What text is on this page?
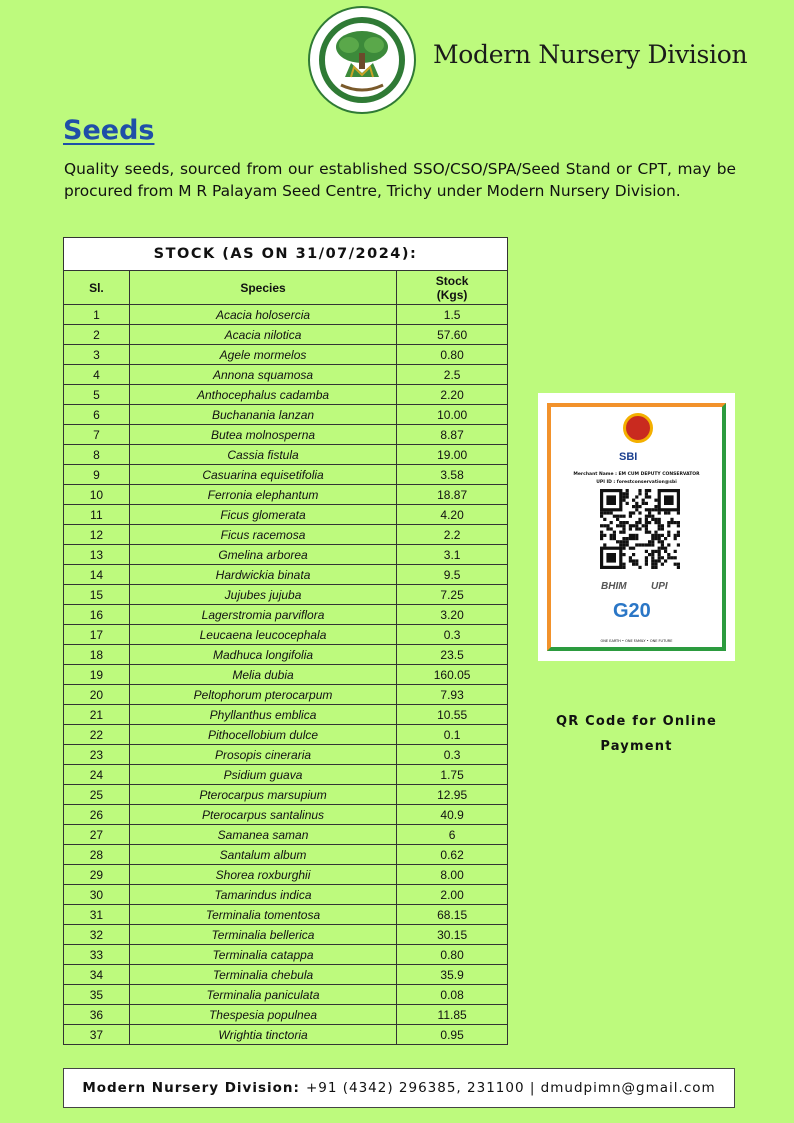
Modern Nursery Division
Seeds

Quality seeds, sourced from our established SSO/CSO/SPA/Seed Stand or CPT, may be procured from M R Palayam Seed Centre, Trichy under Modern Nursery Division.

STOCK (AS ON 31/07/2024):		
Sl.	Species	Stock
(Kgs)
1	Acacia holosercia	1.5
2	Acacia nilotica	57.60
3	Agele mormelos	0.80
4	Annona squamosa	2.5
5	Anthocephalus cadamba	2.20
6	Buchanania lanzan	10.00
7	Butea molnosperna	8.87
8	Cassia fistula	19.00
9	Casuarina equisetifolia	3.58
10	Ferronia elephantum	18.87
11	Ficus glomerata	4.20
12	Ficus racemosa	2.2
13	Gmelina arborea	3.1
14	Hardwickia binata	9.5
15	Jujubes jujuba	7.25
16	Lagerstromia parviflora	3.20
17	Leucaena leucocephala	0.3
18	Madhuca longifolia	23.5
19	Melia dubia	160.05
20	Peltophorum pterocarpum	7.93
21	Phyllanthus emblica	10.55
22	Pithocellobium dulce	0.1
23	Prosopis cineraria	0.3
24	Psidium guava	1.75
25	Pterocarpus marsupium	12.95
26	Pterocarpus santalinus	40.9
27	Samanea saman	6
28	Santalum album	0.62
29	Shorea roxburghii	8.00
30	Tamarindus indica	2.00
31	Terminalia tomentosa	68.15
32	Terminalia bellerica	30.15
33	Terminalia catappa	0.80
34	Terminalia chebula	35.9
35	Terminalia paniculata	0.08
36	Thespesia populnea	11.85
37	Wrightia tinctoria	0.95
SBI
Merchant Name : EM CUM DEPUTY CONSERVATOR
UPI ID : forestconservation@sbi
BHIM UPI
G20
ONE EARTH • ONE FAMILY • ONE FUTURE
QR Code for Online Payment
Modern Nursery Division: +91 (4342) 296385, 231100 | dmudpimn@gmail.com
